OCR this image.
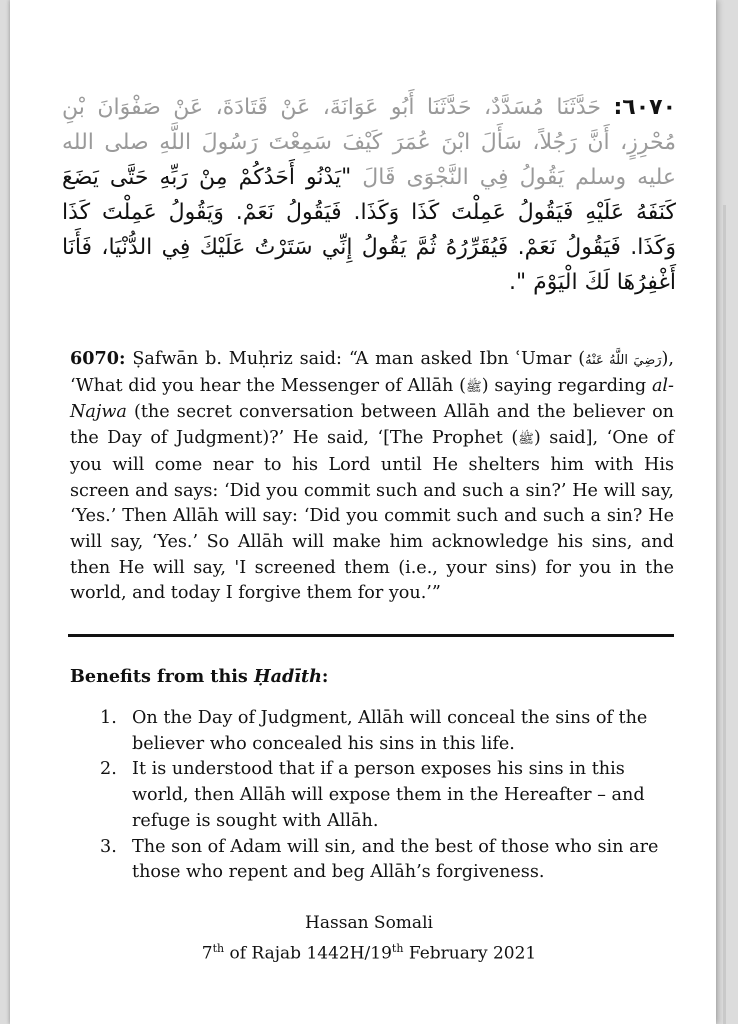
٦٠٧٠: حَدَّثَنَا مُسَدَّدٌ، حَدَّثَنَا أَبُو عَوَانَةَ، عَنْ قَتَادَةَ، عَنْ صَفْوَانَ بْنِ مُحْرِزٍ، أَنَّ رَجُلاً، سَأَلَ ابْنَ عُمَرَ كَيْفَ سَمِعْتَ رَسُولَ اللَّهِ صلى الله عليه وسلم يَقُولُ فِي النَّجْوَى قَالَ "يَدْنُو أَحَدُكُمْ مِنْ رَبِّهِ حَتَّى يَضَعَ كَنَفَهُ عَلَيْهِ فَيَقُولُ عَمِلْتَ كَذَا وَكَذَا. فَيَقُولُ نَعَمْ. وَيَقُولُ عَمِلْتَ كَذَا وَكَذَا. فَيَقُولُ نَعَمْ. فَيُقَرِّرُهُ ثُمَّ يَقُولُ إِنِّي سَتَرْتُ عَلَيْكَ فِي الدُّنْيَا، فَأَنَا أَغْفِرُهَا لَكَ الْيَوْمَ ".
6070: Ṣafwān b. Muḥriz said: “A man asked Ibn ʿUmar (رَضِيَ اللَّهُ عَنْهُ), ‘What did you hear the Messenger of Allāh (ﷺ) saying regarding al-Najwa (the secret conversation between Allāh and the believer on the Day of Judgment)?’ He said, ‘[The Prophet (ﷺ) said], ‘One of you will come near to his Lord until He shelters him with His screen and says: ‘Did you commit such and such a sin?’ He will say, ‘Yes.’ Then Allāh will say: ‘Did you commit such and such a sin? He will say, ‘Yes.’ So Allāh will make him acknowledge his sins, and then He will say, 'I screened them (i.e., your sins) for you in the world, and today I forgive them for you.’”
Benefits from this Ḥadīth:
1. On the Day of Judgment, Allāh will conceal the sins of the believer who concealed his sins in this life.
2. It is understood that if a person exposes his sins in this world, then Allāh will expose them in the Hereafter – and refuge is sought with Allāh.
3. The son of Adam will sin, and the best of those who sin are those who repent and beg Allāh’s forgiveness.
Hassan Somali
7th of Rajab 1442H/19th February 2021
